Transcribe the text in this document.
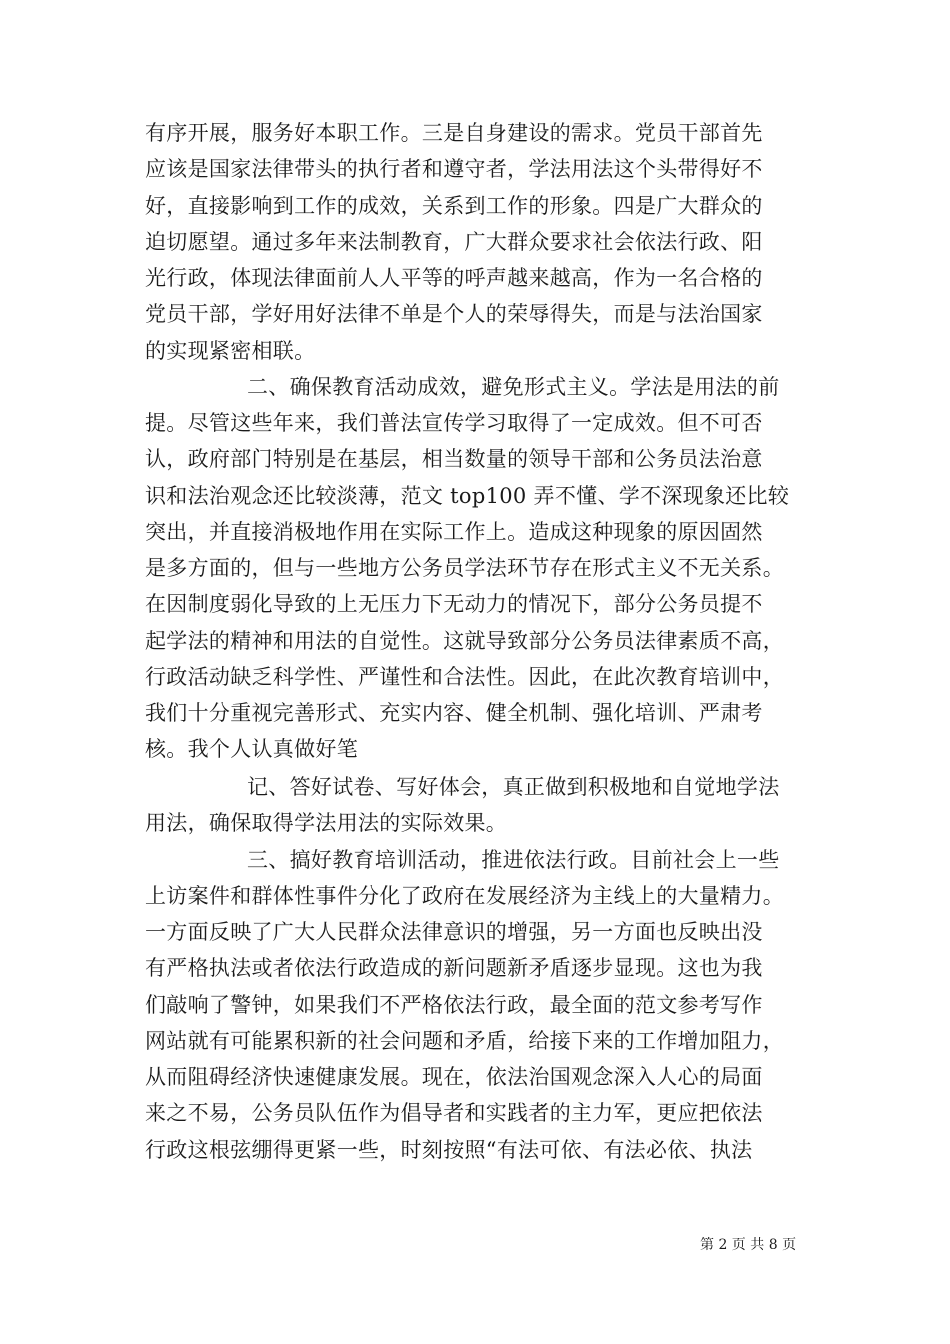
有序开展，服务好本职工作。三是自身建设的需求。党员干部首先
应该是国家法律带头的执行者和遵守者，学法用法这个头带得好不
好，直接影响到工作的成效，关系到工作的形象。四是广大群众的
迫切愿望。通过多年来法制教育，广大群众要求社会依法行政、阳
光行政，体现法律面前人人平等的呼声越来越高，作为一名合格的
党员干部，学好用好法律不单是个人的荣辱得失，而是与法治国家
的实现紧密相联。
二、确保教育活动成效，避免形式主义。学法是用法的前
提。尽管这些年来，我们普法宣传学习取得了一定成效。但不可否
认，政府部门特别是在基层，相当数量的领导干部和公务员法治意
识和法治观念还比较淡薄，范文 top100 弄不懂、学不深现象还比较
突出，并直接消极地作用在实际工作上。造成这种现象的原因固然
是多方面的，但与一些地方公务员学法环节存在形式主义不无关系。
在因制度弱化导致的上无压力下无动力的情况下，部分公务员提不
起学法的精神和用法的自觉性。这就导致部分公务员法律素质不高，
行政活动缺乏科学性、严谨性和合法性。因此，在此次教育培训中，
我们十分重视完善形式、充实内容、健全机制、强化培训、严肃考
核。我个人认真做好笔
记、答好试卷、写好体会，真正做到积极地和自觉地学法
用法，确保取得学法用法的实际效果。
三、搞好教育培训活动，推进依法行政。目前社会上一些
上访案件和群体性事件分化了政府在发展经济为主线上的大量精力。
一方面反映了广大人民群众法律意识的增强，另一方面也反映出没
有严格执法或者依法行政造成的新问题新矛盾逐步显现。这也为我
们敲响了警钟，如果我们不严格依法行政，最全面的范文参考写作
网站就有可能累积新的社会问题和矛盾，给接下来的工作增加阻力，
从而阻碍经济快速健康发展。现在，依法治国观念深入人心的局面
来之不易，公务员队伍作为倡导者和实践者的主力军，更应把依法
行政这根弦绷得更紧一些，时刻按照“有法可依、有法必依、执法
第 2 页 共 8 页
